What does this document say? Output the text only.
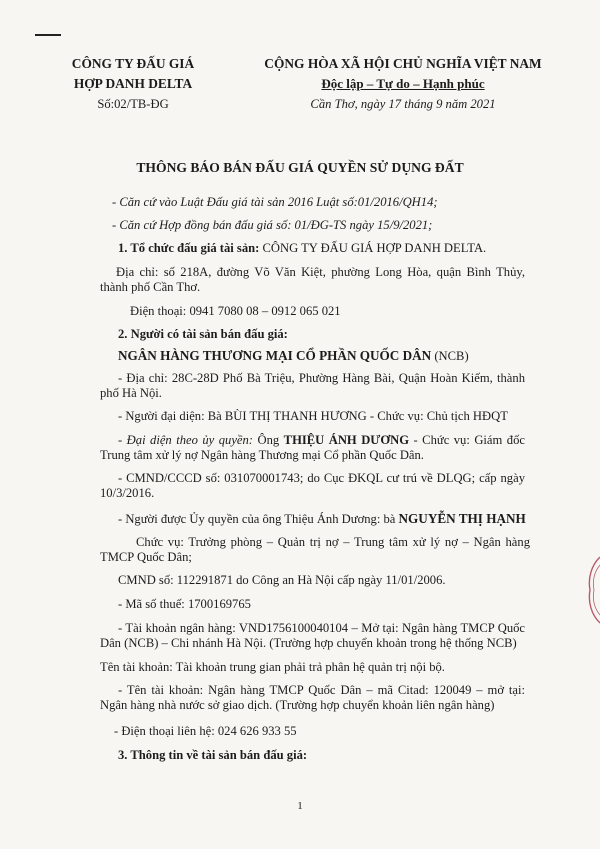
CÔNG TY ĐẤU GIÁ
HỢP DANH DELTA
Số:02/TB-ĐG
CỘNG HÒA XÃ HỘI CHỦ NGHĨA VIỆT NAM
Độc lập – Tự do – Hạnh phúc
Cần Thơ, ngày 17 tháng 9 năm 2021
THÔNG BÁO BÁN ĐẤU GIÁ QUYỀN SỬ DỤNG ĐẤT
- Căn cứ vào Luật Đấu giá tài sản 2016 Luật số:01/2016/QH14;
- Căn cứ Hợp đồng bán đấu giá số: 01/ĐG-TS ngày 15/9/2021;
1. Tổ chức đấu giá tài sản: CÔNG TY ĐẤU GIÁ HỢP DANH DELTA.
Địa chỉ: số 218A, đường Võ Văn Kiệt, phường Long Hòa, quận Bình Thủy, thành phố Cần Thơ.
Điện thoại: 0941 7080 08 – 0912 065 021
2. Người có tài sản bán đấu giá:
NGÂN HÀNG THƯƠNG MẠI CỔ PHẦN QUỐC DÂN (NCB)
- Địa chỉ: 28C-28D Phố Bà Triệu, Phường Hàng Bài, Quận Hoàn Kiếm, thành phố Hà Nội.
- Người đại diện: Bà BÙI THỊ THANH HƯƠNG - Chức vụ: Chủ tịch HĐQT
- Đại diện theo ủy quyền: Ông THIỆU ÁNH DƯƠNG - Chức vụ: Giám đốc Trung tâm xử lý nợ Ngân hàng Thương mại Cổ phần Quốc Dân.
- CMND/CCCD số: 031070001743; do Cục ĐKQL cư trú về DLQG; cấp ngày 10/3/2016.
- Người được Ủy quyền của ông Thiệu Ánh Dương: bà NGUYỄN THỊ HẠNH
Chức vụ: Trưởng phòng – Quản trị nợ – Trung tâm xử lý nợ – Ngân hàng TMCP Quốc Dân;
CMND số: 112291871 do Công an Hà Nội cấp ngày 11/01/2006.
- Mã số thuế: 1700169765
- Tài khoản ngân hàng: VND1756100040104 – Mở tại: Ngân hàng TMCP Quốc Dân (NCB) – Chi nhánh Hà Nội. (Trường hợp chuyển khoản trong hệ thống NCB)
Tên tài khoản: Tài khoản trung gian phải trả phân hệ quản trị nội bộ.
- Tên tài khoản: Ngân hàng TMCP Quốc Dân – mã Citad: 120049 – mở tại: Ngân hàng nhà nước sở giao dịch. (Trường hợp chuyển khoản liên ngân hàng)
- Điện thoại liên hệ: 024 626 933 55
3. Thông tin về tài sản bán đấu giá:
1
